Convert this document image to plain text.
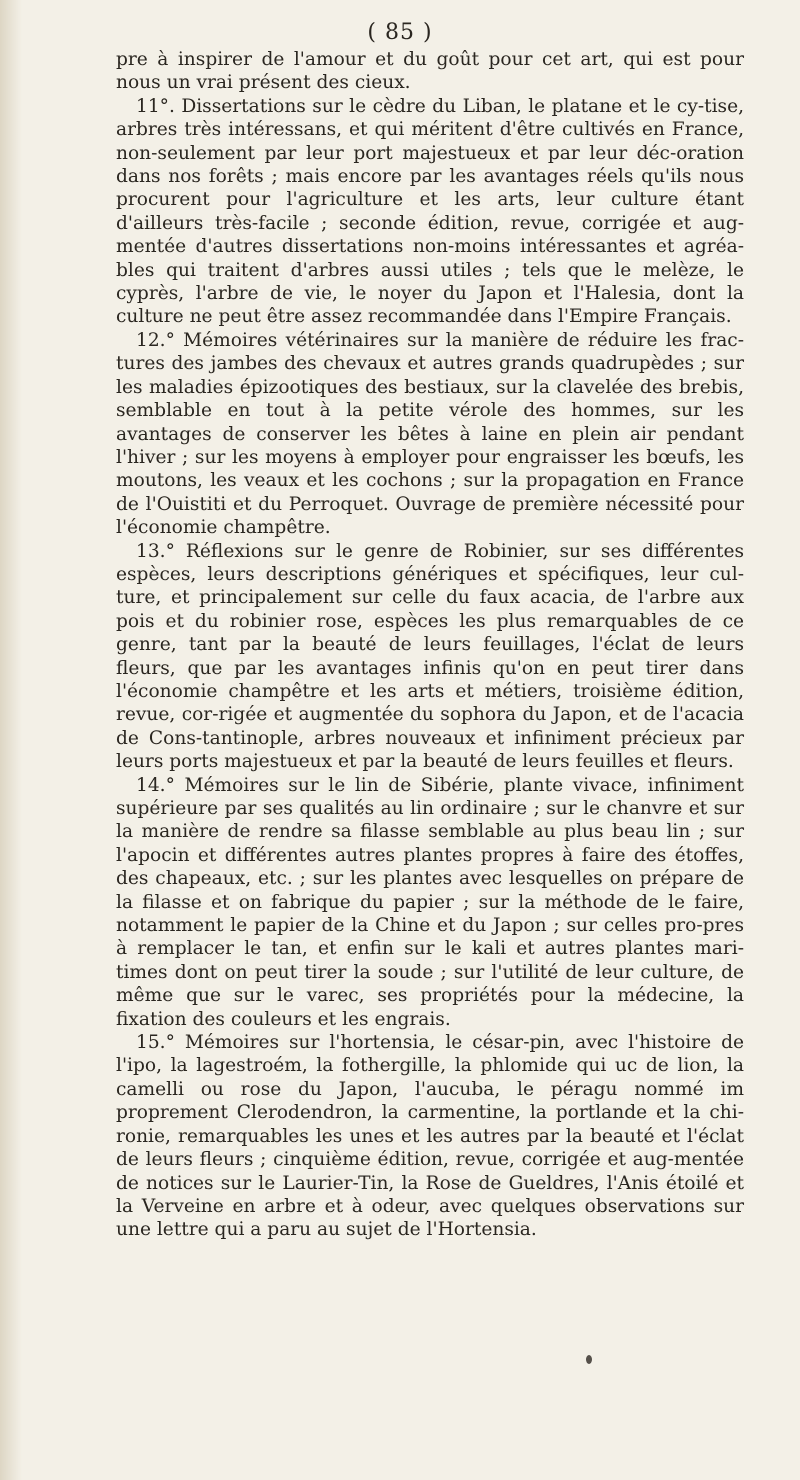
( 85 )

pre à inspirer de l'amour et du goût pour cet art, qui est pour nous un vrai présent des cieux.

11°. Dissertations sur le cèdre du Liban, le platane et le cy-tise, arbres très intéressans, et qui méritent d'être cultivés en France, non-seulement par leur port majestueux et par leur déc-oration dans nos forêts ; mais encore par les avantages réels qu'ils nous procurent pour l'agriculture et les arts, leur culture étant d'ailleurs très-facile ; seconde édition, revue, corrigée et aug-mentée d'autres dissertations non-moins intéressantes et agréa-bles qui traitent d'arbres aussi utiles ; tels que le melèze, le cyprès, l'arbre de vie, le noyer du Japon et l'Halesia, dont la culture ne peut être assez recommandée dans l'Empire Français.

12.° Mémoires vétérinaires sur la manière de réduire les frac-tures des jambes des chevaux et autres grands quadrupèdes ; sur les maladies épizootiques des bestiaux, sur la clavelée des brebis, semblable en tout à la petite vérole des hommes, sur les avantages de conserver les bêtes à laine en plein air pendant l'hiver ; sur les moyens à employer pour engraisser les bœufs, les moutons, les veaux et les cochons ; sur la propagation en France de l'Ouistiti et du Perroquet. Ouvrage de première nécessité pour l'économie champêtre.

13.° Réflexions sur le genre de Robinier, sur ses différentes espèces, leurs descriptions génériques et spécifiques, leur cul-ture, et principalement sur celle du faux acacia, de l'arbre aux pois et du robinier rose, espèces les plus remarquables de ce genre, tant par la beauté de leurs feuillages, l'éclat de leurs fleurs, que par les avantages infinis qu'on en peut tirer dans l'économie champêtre et les arts et métiers, troisième édition, revue, cor-rigée et augmentée du sophora du Japon, et de l'acacia de Cons-tantinople, arbres nouveaux et infiniment précieux par leurs ports majestueux et par la beauté de leurs feuilles et fleurs.

14.° Mémoires sur le lin de Sibérie, plante vivace, infiniment supérieure par ses qualités au lin ordinaire ; sur le chanvre et sur la manière de rendre sa filasse semblable au plus beau lin ; sur l'apocin et différentes autres plantes propres à faire des étoffes, des chapeaux, etc. ; sur les plantes avec lesquelles on prépare de la filasse et on fabrique du papier ; sur la méthode de le faire, notamment le papier de la Chine et du Japon ; sur celles pro-pres à remplacer le tan, et enfin sur le kali et autres plantes mari-times dont on peut tirer la soude ; sur l'utilité de leur culture, de même que sur le varec, ses propriétés pour la médecine, la fixation des couleurs et les engrais.

15.° Mémoires sur l'hortensia, le césar-pin, avec l'histoire de l'ipo, la lagestroém, la fothergille, la phlomide qui uc de lion, la camelli ou rose du Japon, l'aucuba, le péragu nommé im proprement Clerodendron, la carmentine, la portlande et la chi-ronie, remarquables les unes et les autres par la beauté et l'éclat de leurs fleurs ; cinquième édition, revue, corrigée et aug-mentée de notices sur le Laurier-Tin, la Rose de Gueldres, l'Anis étoilé et la Verveine en arbre et à odeur, avec quelques observations sur une lettre qui a paru au sujet de l'Hortensia.
